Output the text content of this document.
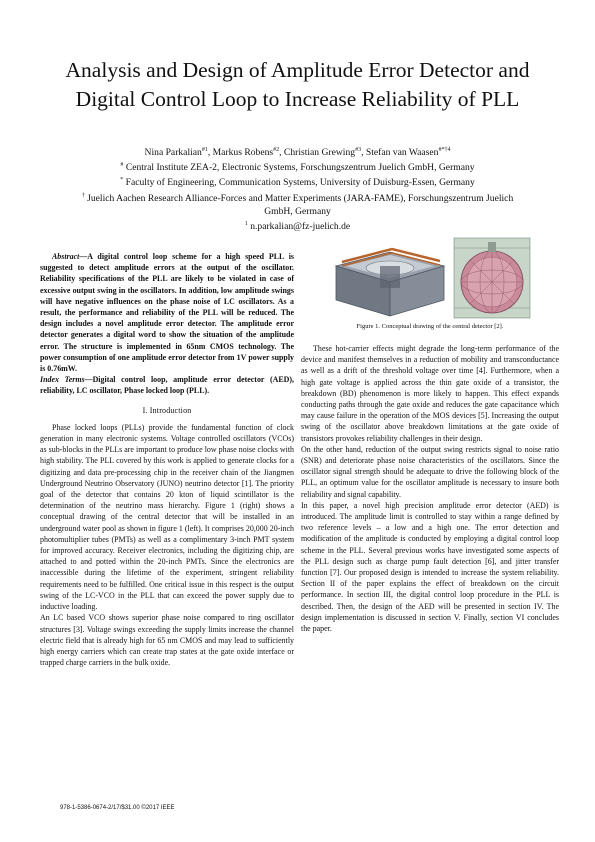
Analysis and Design of Amplitude Error Detector and
Digital Control Loop to Increase Reliability of PLL
Nina Parkalian$^{\#1}$, Markus Robens$^{\#2}$, Christian Grewing$^{\#3}$, Stefan van Waasen$^{\#*\dagger 4}$
# Central Institute ZEA-2, Electronic Systems, Forschungszentrum Juelich GmbH, Germany
* Faculty of Engineering, Communication Systems, University of Duisburg-Essen, Germany
† Juelich Aachen Research Alliance-Forces and Matter Experiments (JARA-FAME), Forschungszentrum Juelich
GmbH, Germany
$^1$ n.parkalian@fz-juelich.de

Abstract—A digital control loop scheme for a high speed PLL is suggested to detect amplitude errors at the output of the oscillator. Reliability specifications of the PLL are likely to be violated in case of excessive output swing in the oscillators. In addition, low amplitude swings will have negative influences on the phase noise of LC oscillators. As a result, the performance and reliability of the PLL will be reduced. The design includes a novel amplitude error detector. The amplitude error detector generates a digital word to show the situation of the amplitude error. The structure is implemented in 65nm CMOS technology. The power consumption of one amplitude error detector from 1V power supply is 0.76mW.

Index Terms—Digital control loop, amplitude error detector (AED), reliability, LC oscillator, Phase locked loop (PLL).

I. Introduction

Phase locked loops (PLLs) provide the fundamental function of clock generation in many electronic systems. Voltage controlled oscillators (VCOs) as sub-blocks in the PLLs are important to produce low phase noise clocks with high stability. The PLL covered by this work is applied to generate clocks for a digitizing and data pre-processing chip in the receiver chain of the Jiangmen Underground Neutrino Observatory (JUNO) neutrino detector [1]. The priority goal of the detector that contains 20 kton of liquid scintillator is the determination of the neutrino mass hierarchy. Figure 1 (right) shows a conceptual drawing of the central detector that will be installed in an underground water pool as shown in figure 1 (left). It comprises 20,000 20-inch photomultiplier tubes (PMTs) as well as a complimentary 3-inch PMT system for improved accuracy. Receiver electronics, including the digitizing chip, are attached to and potted within the 20-inch PMTs. Since the electronics are inaccessible during the lifetime of the experiment, stringent reliability requirements need to be fulfilled. One critical issue in this respect is the output swing of the LC-VCO in the PLL that can exceed the power supply due to inductive loading.

An LC based VCO shows superior phase noise compared to ring oscillator structures [3]. Voltage swings exceeding the supply limits increase the channel electric field that is already high for 65 nm CMOS and may lead to sufficiently high energy carriers which can create trap states at the gate oxide interface or trapped charge carriers in the bulk oxide.

Figure 1. Conceptual drawing of the central detector [2].

These hot-carrier effects might degrade the long-term performance of the device and manifest themselves in a reduction of mobility and transconductance as well as a drift of the threshold voltage over time [4]. Furthermore, when a high gate voltage is applied across the thin gate oxide of a transistor, the breakdown (BD) phenomenon is more likely to happen. This effect expands conducting paths through the gate oxide and reduces the gate capacitance which may cause failure in the operation of the MOS devices [5]. Increasing the output swing of the oscillator above breakdown limitations at the gate oxide of transistors provokes reliability challenges in their design.

On the other hand, reduction of the output swing restricts signal to noise ratio (SNR) and deteriorate phase noise characteristics of the oscillators. Since the oscillator signal strength should be adequate to drive the following block of the PLL, an optimum value for the oscillator amplitude is necessary to insure both reliability and signal capability.

In this paper, a novel high precision amplitude error detector (AED) is introduced. The amplitude limit is controlled to stay within a range defined by two reference levels – a low and a high one. The error detection and modification of the amplitude is conducted by employing a digital control loop scheme in the PLL. Several previous works have investigated some aspects of the PLL design such as charge pump fault detection [6], and jitter transfer function [7]. Our proposed design is intended to increase the system reliability. Section II of the paper explains the effect of breakdown on the circuit performance. In section III, the digital control loop procedure in the PLL is described. Then, the design of the AED will be presented in section IV. The design implementation is discussed in section V. Finally, section VI concludes the paper.

978-1-5386-0674-2/17/$31.00 ©2017 IEEE
